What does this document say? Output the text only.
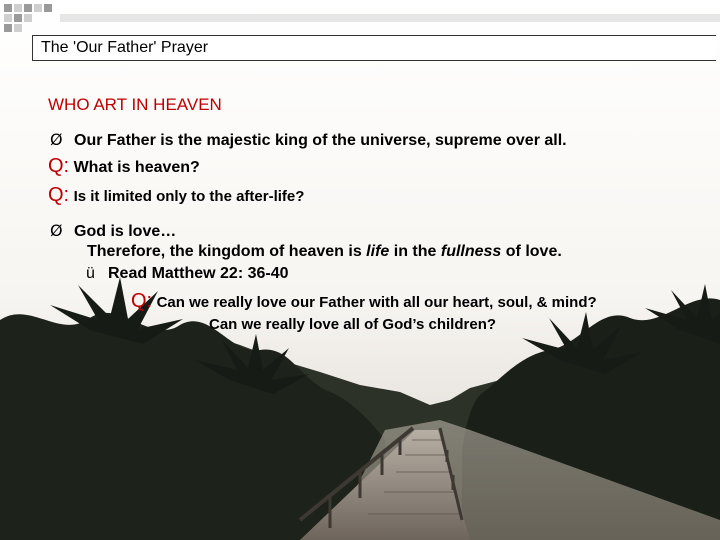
The 'Our Father' Prayer
WHO ART IN HEAVEN
Ø Our Father is the majestic king of the universe, supreme over all.
Q: What is heaven?
Q: Is it limited only to the after-life?
Ø God is love…
Therefore, the kingdom of heaven is life in the fullness of love.
ü Read Matthew 22: 36-40
Q: Can we really love our Father with all our heart, soul, & mind?
Can we really love all of God’s children?
